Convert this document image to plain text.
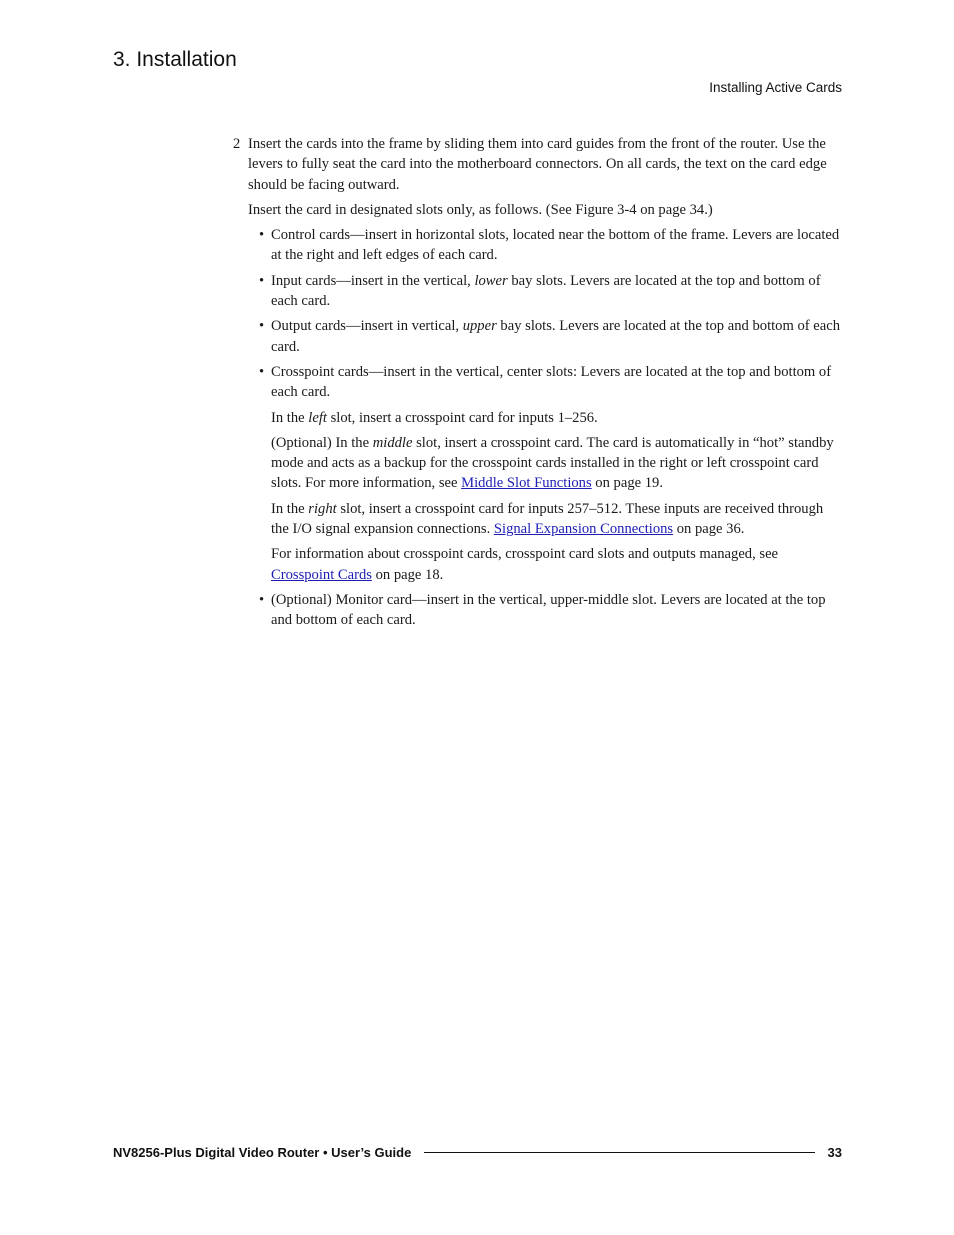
3. Installation
Installing Active Cards
2 Insert the cards into the frame by sliding them into card guides from the front of the router. Use the levers to fully seat the card into the motherboard connectors. On all cards, the text on the card edge should be facing outward.

Insert the card in designated slots only, as follows. (See Figure 3-4 on page 34.)

• Control cards—insert in horizontal slots, located near the bottom of the frame. Levers are located at the right and left edges of each card.
• Input cards—insert in the vertical, lower bay slots. Levers are located at the top and bottom of each card.
• Output cards—insert in vertical, upper bay slots. Levers are located at the top and bottom of each card.
• Crosspoint cards—insert in the vertical, center slots: Levers are located at the top and bottom of each card.
In the left slot, insert a crosspoint card for inputs 1–256.
(Optional) In the middle slot, insert a crosspoint card. The card is automatically in “hot” standby mode and acts as a backup for the crosspoint cards installed in the right or left crosspoint card slots. For more information, see Middle Slot Functions on page 19.
In the right slot, insert a crosspoint card for inputs 257–512. These inputs are received through the I/O signal expansion connections. Signal Expansion Connections on page 36.
For information about crosspoint cards, crosspoint card slots and outputs managed, see Crosspoint Cards on page 18.
• (Optional) Monitor card—insert in the vertical, upper-middle slot. Levers are located at the top and bottom of each card.
NV8256-Plus Digital Video Router • User’s Guide	33
